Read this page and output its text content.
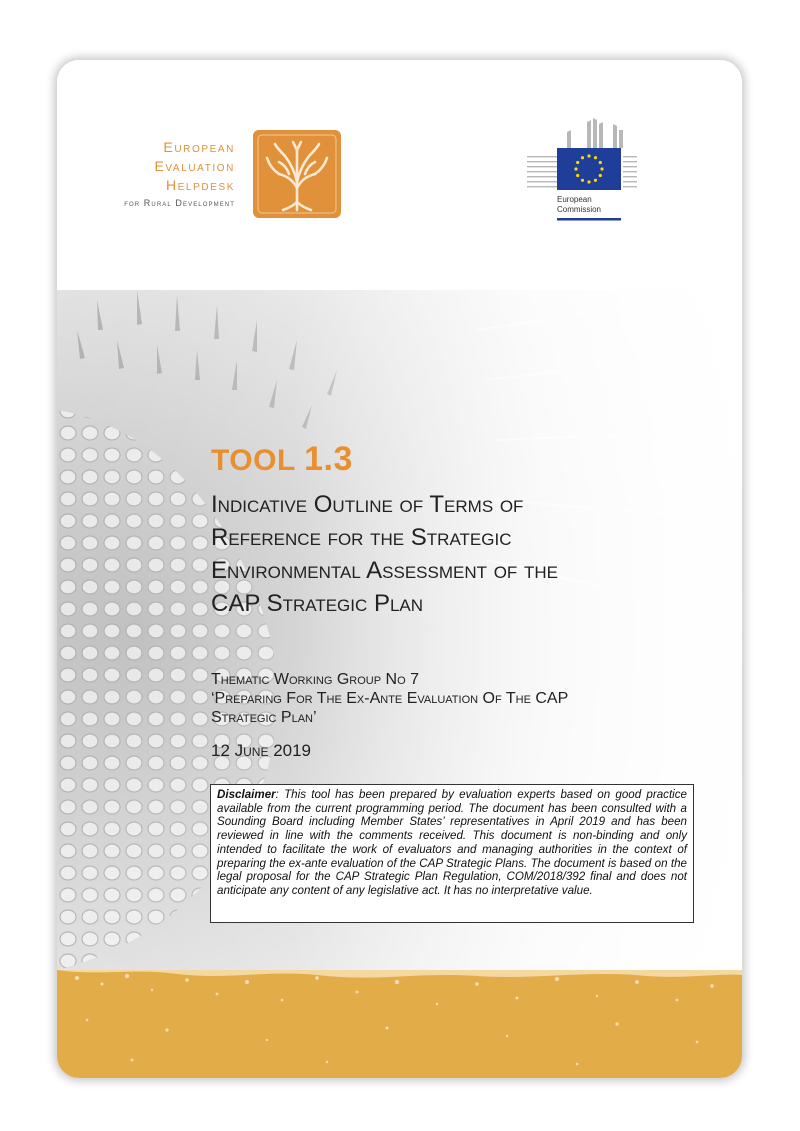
European
Evaluation
Helpdesk
for Rural Development	European
Commission
TOOL 1.3
Indicative Outline of Terms of
Reference for the Strategic
Environmental Assessment of the
CAP Strategic Plan
Thematic Working Group No 7
‘Preparing For The Ex-Ante Evaluation Of The CAP
Strategic Plan’
12 June 2019
Disclaimer: This tool has been prepared by evaluation experts based on good practice available from the current programming period. The document has been consulted with a Sounding Board including Member States’ representatives in April 2019 and has been reviewed in line with the comments received. This document is non-binding and only intended to facilitate the work of evaluators and managing authorities in the context of preparing the ex-ante evaluation of the CAP Strategic Plans. The document is based on the legal proposal for the CAP Strategic Plan Regulation, COM/2018/392 final and does not anticipate any content of any legislative act. It has no interpretative value.
